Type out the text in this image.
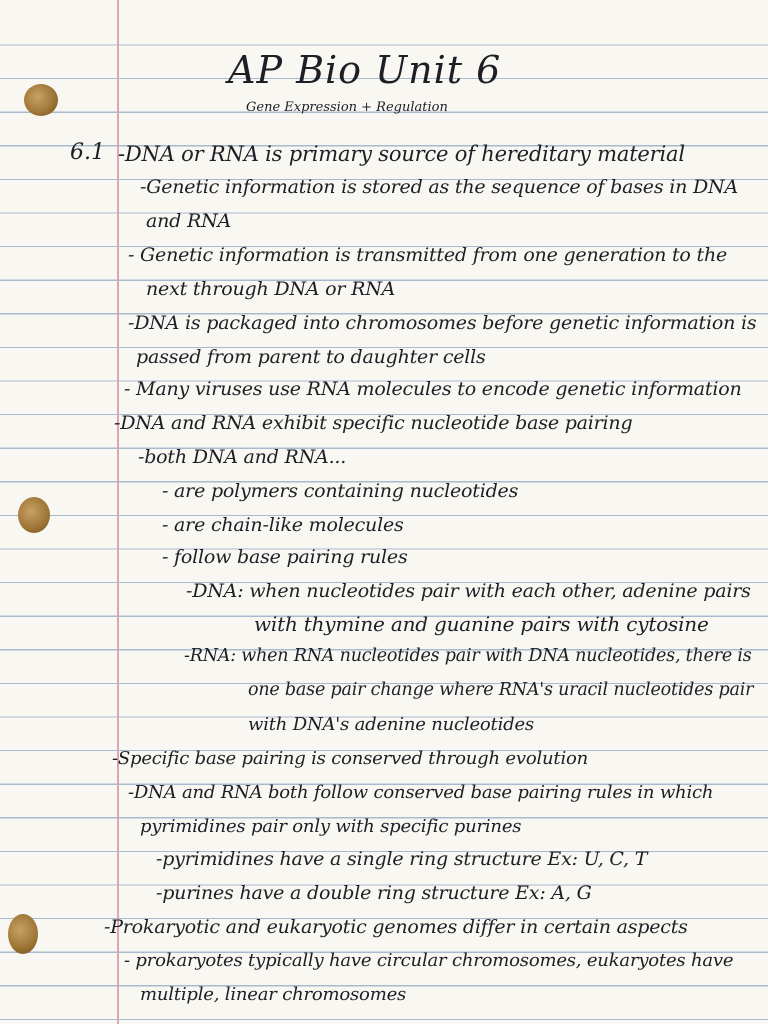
AP Bio Unit 6
Gene Expression + Regulation
6.1 -DNA or RNA is primary source of hereditary material
-Genetic information is stored as the sequence of bases in DNA
and RNA
- Genetic information is transmitted from one generation to the
next through DNA or RNA
-DNA is packaged into chromosomes before genetic information is
passed from parent to daughter cells
- Many viruses use RNA molecules to encode genetic information
-DNA and RNA exhibit specific nucleotide base pairing
-both DNA and RNA...
- are polymers containing nucleotides
- are chain-like molecules
- follow base pairing rules
-DNA: when nucleotides pair with each other, adenine pairs
with thymine and guanine pairs with cytosine
-RNA: when RNA nucleotides pair with DNA nucleotides, there is
one base pair change where RNA's uracil nucleotides pair
with DNA's adenine nucleotides
-Specific base pairing is conserved through evolution
-DNA and RNA both follow conserved base pairing rules in which
pyrimidines pair only with specific purines
-pyrimidines have a single ring structure Ex: U, C, T
-purines have a double ring structure Ex: A, G
-Prokaryotic and eukaryotic genomes differ in certain aspects
- prokaryotes typically have circular chromosomes, eukaryotes have
multiple, linear chromosomes
